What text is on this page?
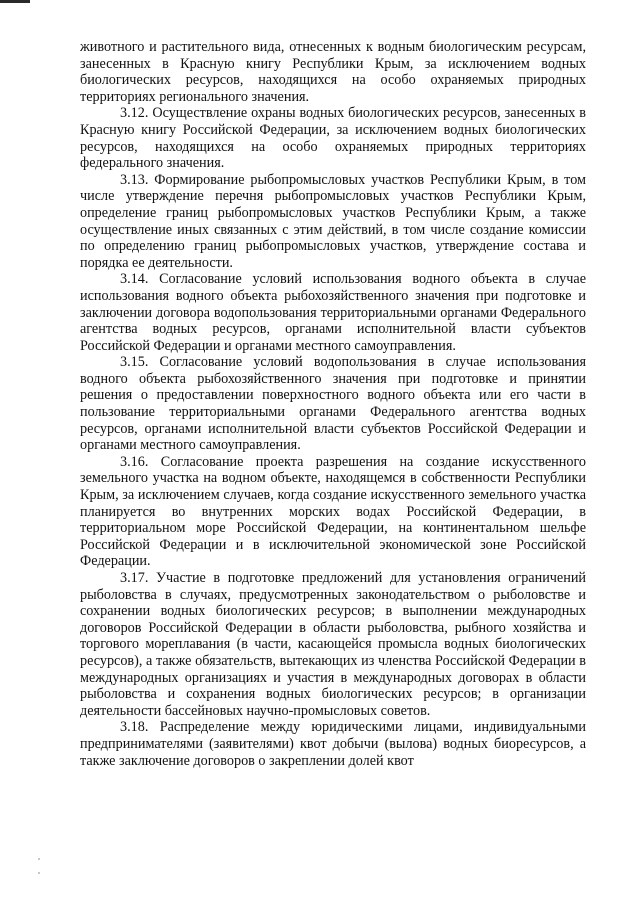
животного и растительного вида, отнесенных к водным биологическим ресурсам, занесенных в Красную книгу Республики Крым, за исключением водных биологических ресурсов, находящихся на особо охраняемых природных территориях регионального значения.

3.12. Осуществление охраны водных биологических ресурсов, занесенных в Красную книгу Российской Федерации, за исключением водных биологических ресурсов, находящихся на особо охраняемых природных территориях федерального значения.

3.13. Формирование рыбопромысловых участков Республики Крым, в том числе утверждение перечня рыбопромысловых участков Республики Крым, определение границ рыбопромысловых участков Республики Крым, а также осуществление иных связанных с этим действий, в том числе создание комиссии по определению границ рыбопромысловых участков, утверждение состава и порядка ее деятельности.

3.14. Согласование условий использования водного объекта в случае использования водного объекта рыбохозяйственного значения при подготовке и заключении договора водопользования территориальными органами Федерального агентства водных ресурсов, органами исполнительной власти субъектов Российской Федерации и органами местного самоуправления.

3.15. Согласование условий водопользования в случае использования водного объекта рыбохозяйственного значения при подготовке и принятии решения о предоставлении поверхностного водного объекта или его части в пользование территориальными органами Федерального агентства водных ресурсов, органами исполнительной власти субъектов Российской Федерации и органами местного самоуправления.

3.16. Согласование проекта разрешения на создание искусственного земельного участка на водном объекте, находящемся в собственности Республики Крым, за исключением случаев, когда создание искусственного земельного участка планируется во внутренних морских водах Российской Федерации, в территориальном море Российской Федерации, на континентальном шельфе Российской Федерации и в исключительной экономической зоне Российской Федерации.

3.17. Участие в подготовке предложений для установления ограничений рыболовства в случаях, предусмотренных законодательством о рыболовстве и сохранении водных биологических ресурсов; в выполнении международных договоров Российской Федерации в области рыболовства, рыбного хозяйства и торгового мореплавания (в части, касающейся промысла водных биологических ресурсов), а также обязательств, вытекающих из членства Российской Федерации в международных организациях и участия в международных договорах в области рыболовства и сохранения водных биологических ресурсов; в организации деятельности бассейновых научно-промысловых советов.

3.18. Распределение между юридическими лицами, индивидуальными предпринимателями (заявителями) квот добычи (вылова) водных биоресурсов, а также заключение договоров о закреплении долей квот
